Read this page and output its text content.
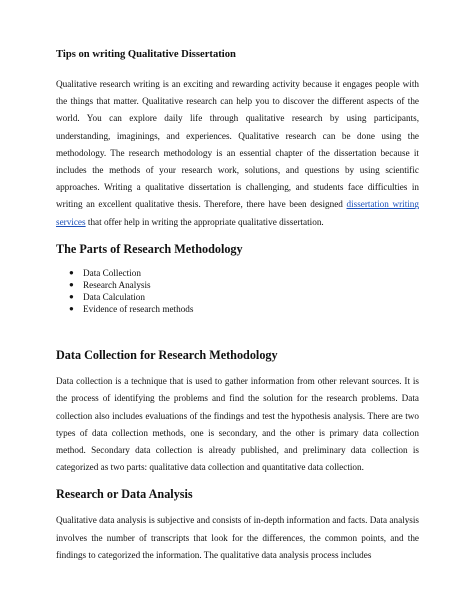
Tips on writing Qualitative Dissertation

Qualitative research writing is an exciting and rewarding activity because it engages people with the things that matter. Qualitative research can help you to discover the different aspects of the world. You can explore daily life through qualitative research by using participants, understanding, imaginings, and experiences. Qualitative research can be done using the methodology. The research methodology is an essential chapter of the dissertation because it includes the methods of your research work, solutions, and questions by using scientific approaches. Writing a qualitative dissertation is challenging, and students face difficulties in writing an excellent qualitative thesis. Therefore, there have been designed dissertation writing services that offer help in writing the appropriate qualitative dissertation.

The Parts of Research Methodology
● Data Collection
● Research Analysis
● Data Calculation
● Evidence of research methods
Data Collection for Research Methodology

Data collection is a technique that is used to gather information from other relevant sources. It is the process of identifying the problems and find the solution for the research problems. Data collection also includes evaluations of the findings and test the hypothesis analysis. There are two types of data collection methods, one is secondary, and the other is primary data collection method. Secondary data collection is already published, and preliminary data collection is categorized as two parts: qualitative data collection and quantitative data collection.

Research or Data Analysis

Qualitative data analysis is subjective and consists of in-depth information and facts. Data analysis involves the number of transcripts that look for the differences, the common points, and the findings to categorized the information. The qualitative data analysis process includes
